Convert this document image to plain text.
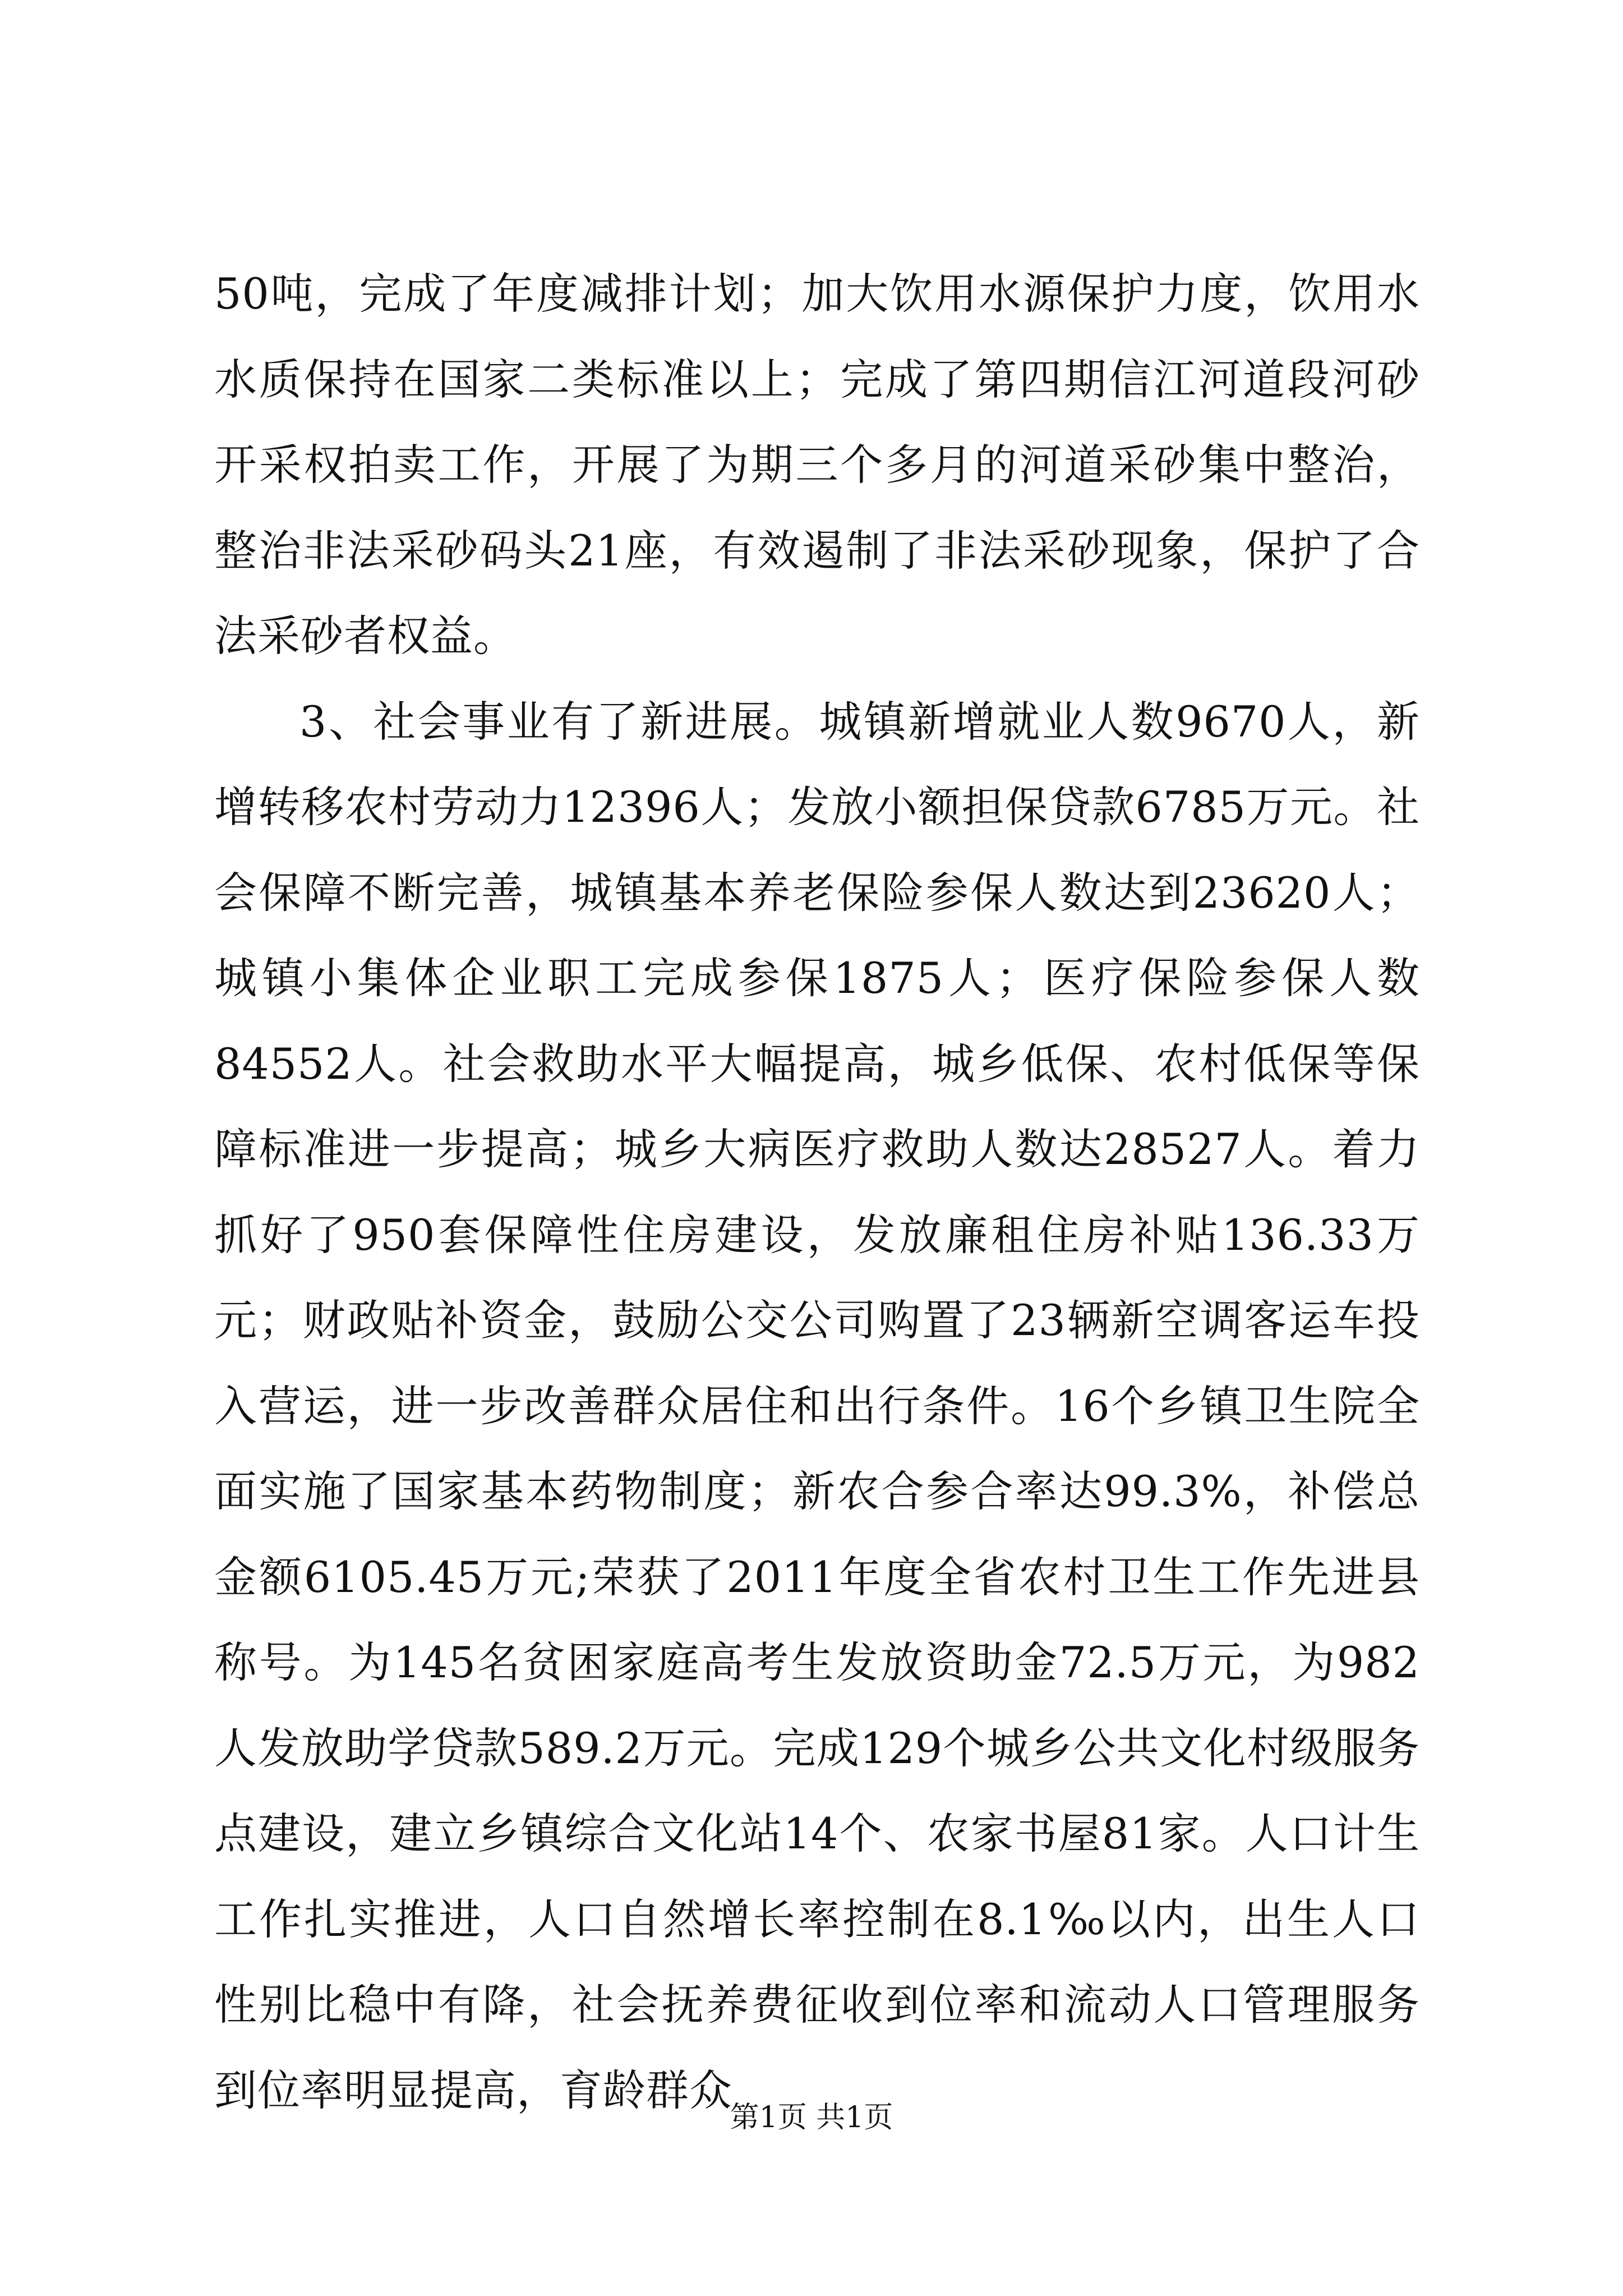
50吨，完成了年度减排计划；加大饮用水源保护力度，饮用水水质保持在国家二类标准以上；完成了第四期信江河道段河砂开采权拍卖工作，开展了为期三个多月的河道采砂集中整治，整治非法采砂码头21座，有效遏制了非法采砂现象，保护了合法采砂者权益。

3、社会事业有了新进展。城镇新增就业人数9670人，新增转移农村劳动力12396人；发放小额担保贷款6785万元。社会保障不断完善，城镇基本养老保险参保人数达到23620人；城镇小集体企业职工完成参保1875人；医疗保险参保人数84552人。社会救助水平大幅提高，城乡低保、农村低保等保障标准进一步提高；城乡大病医疗救助人数达28527人。着力抓好了950套保障性住房建设，发放廉租住房补贴136.33万元；财政贴补资金，鼓励公交公司购置了23辆新空调客运车投入营运，进一步改善群众居住和出行条件。16个乡镇卫生院全面实施了国家基本药物制度；新农合参合率达99.3%，补偿总金额6105.45万元;荣获了2011年度全省农村卫生工作先进县称号。为145名贫困家庭高考生发放资助金72.5万元，为982人发放助学贷款589.2万元。完成129个城乡公共文化村级服务点建设，建立乡镇综合文化站14个、农家书屋81家。人口计生工作扎实推进，人口自然增长率控制在8.1‰以内，出生人口性别比稳中有降，社会抚养费征收到位率和流动人口管理服务到位率明显提高，育龄群众

第1页 共1页
